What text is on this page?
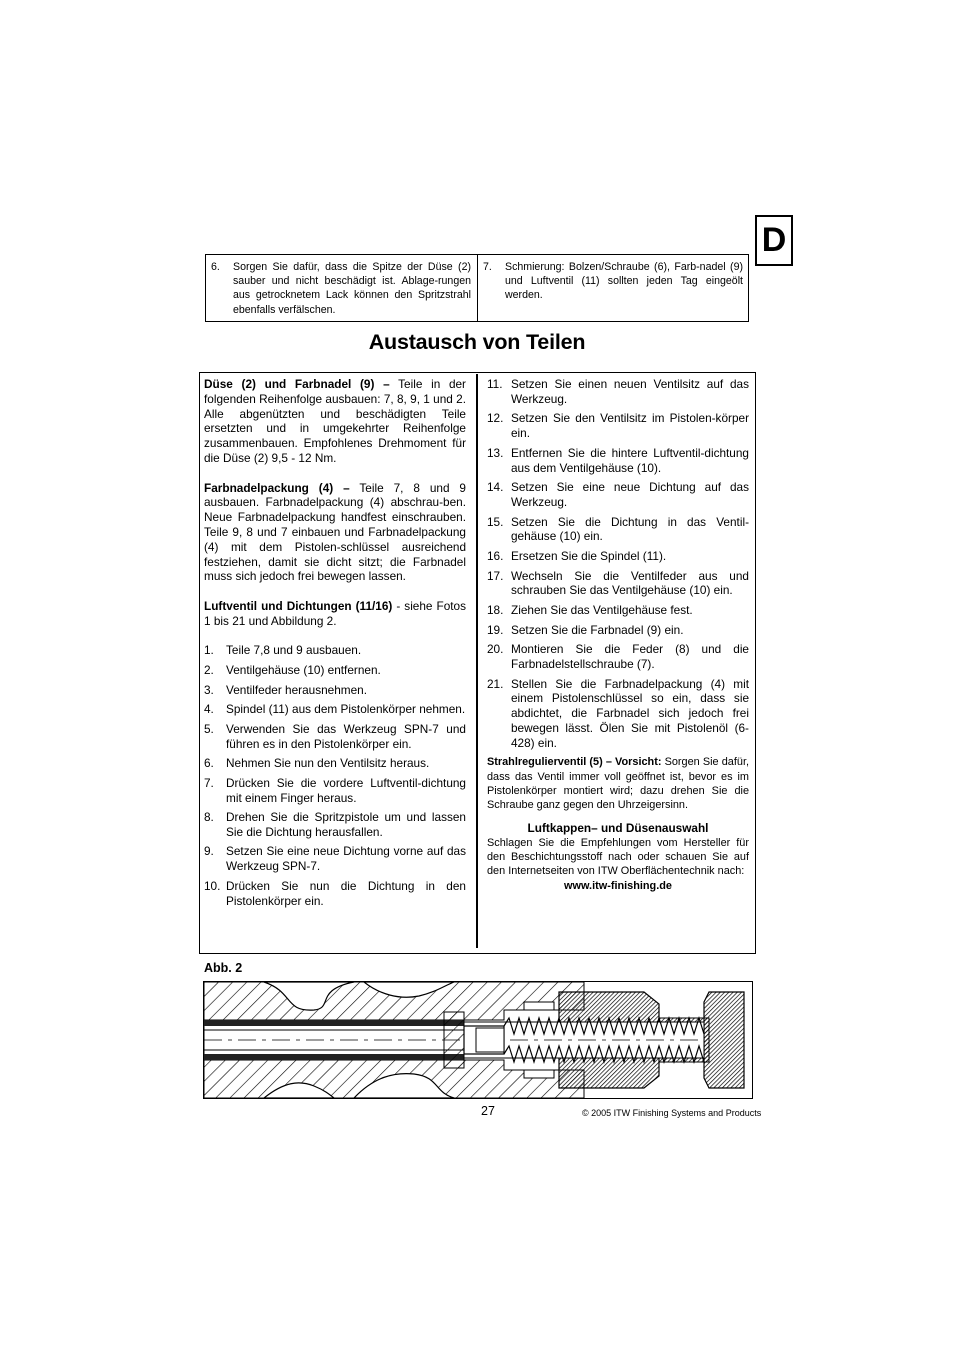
D
6.	Sorgen Sie dafür, dass die Spitze der Düse (2) sauber und nicht beschädigt ist. Ablage-rungen aus getrocknetem Lack können den Spritzstrahl ebenfalls verfälschen.
7.	Schmierung: Bolzen/Schraube (6), Farb-nadel (9) und Luftventil (11) sollten jeden Tag eingeölt werden.
Austausch von Teilen

Düse (2) und Farbnadel (9) – Teile in der folgenden Reihenfolge ausbauen: 7, 8, 9, 1 und 2. Alle abgenützten und beschädigten Teile ersetzten und in umgekehrter Reihenfolge zusammenbauen. Empfohlenes Drehmoment für die Düse (2) 9,5 - 12 Nm.

Farbnadelpackung (4) – Teile 7, 8 und 9 ausbauen. Farbnadelpackung (4) abschrau-ben. Neue Farbnadelpackung handfest einschrauben. Teile 9, 8 und 7 einbauen und Farbnadelpackung (4) mit dem Pistolen-schlüssel ausreichend festziehen, damit sie dicht sitzt; die Farbnadel muss sich jedoch frei bewegen lassen.

Luftventil und Dichtungen (11/16) - siehe Fotos 1 bis 21 und Abbildung 2.

1.	Teile 7,8 und 9 ausbauen.
2.	Ventilgehäuse (10) entfernen.
3.	Ventilfeder herausnehmen.
4.	Spindel (11) aus dem Pistolenkörper nehmen.
5.	Verwenden Sie das Werkzeug SPN-7 und führen es in den Pistolenkörper ein.
6.	Nehmen Sie nun den Ventilsitz heraus.
7.	Drücken Sie die vordere Luftventil-dichtung mit einem Finger heraus.
8.	Drehen Sie die Spritzpistole um und lassen Sie die Dichtung herausfallen.
9.	Setzen Sie eine neue Dichtung vorne auf das Werkzeug SPN-7.
10. Drücken Sie nun die Dichtung in den Pistolenkörper ein.
11. Setzen Sie einen neuen Ventilsitz auf das Werkzeug.
12. Setzen Sie den Ventilsitz im Pistolen-körper ein.
13. Entfernen Sie die hintere Luftventil-dichtung aus dem Ventilgehäuse (10).
14. Setzen Sie eine neue Dichtung auf das Werkzeug.
15. Setzen Sie die Dichtung in das Ventil-gehäuse (10) ein.
16. Ersetzen Sie die Spindel (11).
17. Wechseln Sie die Ventilfeder aus und schrauben Sie das Ventilgehäuse (10) ein.
18. Ziehen Sie das Ventilgehäuse fest.
19. Setzen Sie die Farbnadel (9) ein.
20. Montieren Sie die Feder (8) und die Farbnadelstellschraube (7).
21. Stellen Sie die Farbnadelpackung (4) mit einem Pistolenschlüssel so ein, dass sie abdichtet, die Farbnadel sich jedoch frei bewegen lässt. Ölen Sie mit Pistolenöl (6-428) ein.
Strahlregulierventil (5) – Vorsicht: Sorgen Sie dafür, dass das Ventil immer voll geöffnet ist, bevor es im Pistolenkörper montiert wird; dazu drehen Sie die Schraube ganz gegen den Uhrzeigersinn.
Luftkappen– und Düsenauswahl
Schlagen Sie die Empfehlungen vom Hersteller für den Beschichtungsstoff nach oder schauen Sie auf den Internetseiten von ITW Oberflächentechnik nach:
www.itw-finishing.de
Abb. 2
27	© 2005 ITW Finishing Systems and Products
